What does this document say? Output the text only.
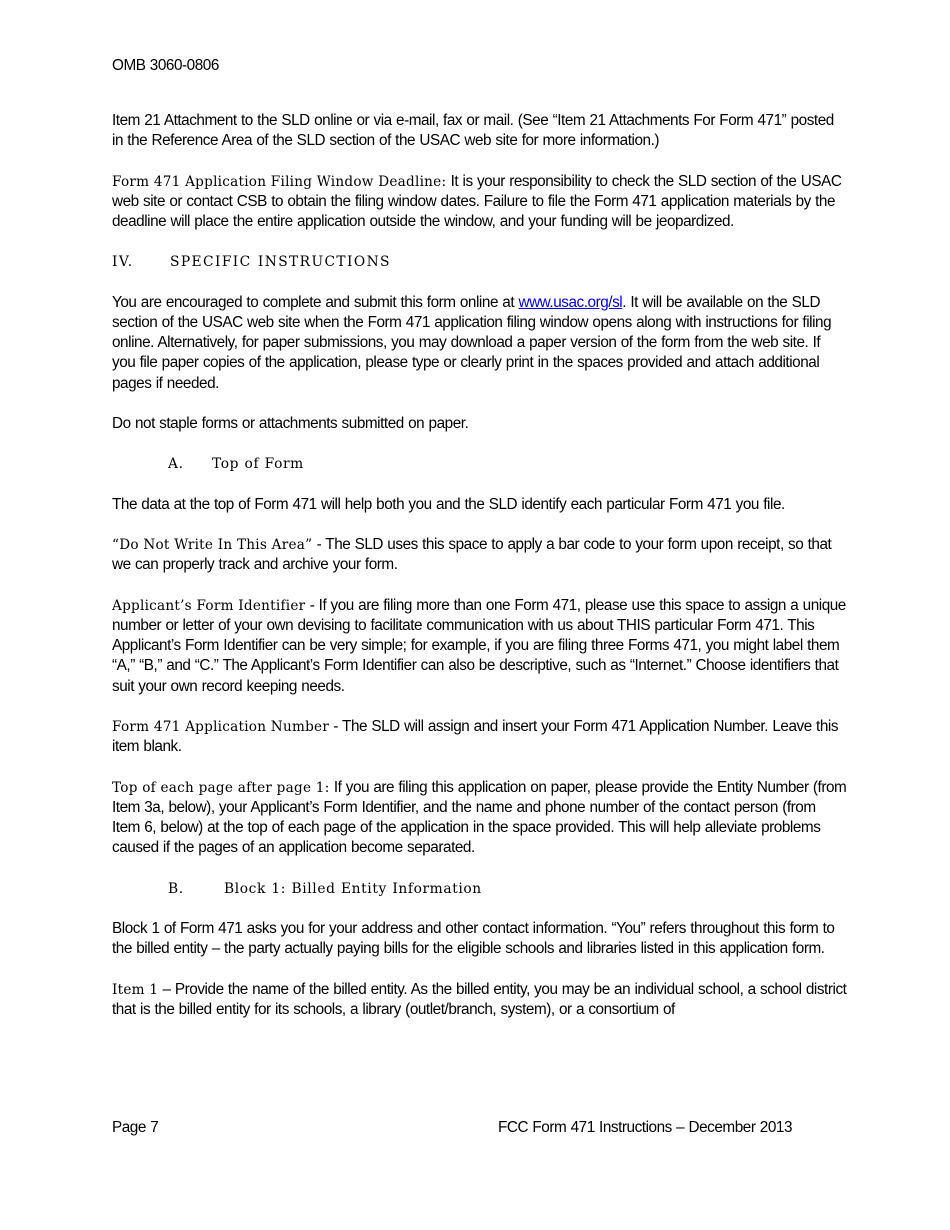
OMB 3060-0806

Item 21 Attachment to the SLD online or via e-mail, fax or mail. (See “Item 21 Attachments For Form 471” posted in the Reference Area of the SLD section of the USAC web site for more information.)

Form 471 Application Filing Window Deadline: It is your responsibility to check the SLD section of the USAC web site or contact CSB to obtain the filing window dates. Failure to file the Form 471 application materials by the deadline will place the entire application outside the window, and your funding will be jeopardized.

IV.	SPECIFIC INSTRUCTIONS

You are encouraged to complete and submit this form online at www.usac.org/sl. It will be available on the SLD section of the USAC web site when the Form 471 application filing window opens along with instructions for filing online. Alternatively, for paper submissions, you may download a paper version of the form from the web site. If you file paper copies of the application, please type or clearly print in the spaces provided and attach additional pages if needed.

Do not staple forms or attachments submitted on paper.

A. Top of Form

The data at the top of Form 471 will help both you and the SLD identify each particular Form 471 you file.

“Do Not Write In This Area” - The SLD uses this space to apply a bar code to your form upon receipt, so that we can properly track and archive your form.

Applicant’s Form Identifier - If you are filing more than one Form 471, please use this space to assign a unique number or letter of your own devising to facilitate communication with us about THIS particular Form 471. This Applicant’s Form Identifier can be very simple; for example, if you are filing three Forms 471, you might label them “A,” “B,” and “C.” The Applicant’s Form Identifier can also be descriptive, such as “Internet.” Choose identifiers that suit your own record keeping needs.

Form 471 Application Number - The SLD will assign and insert your Form 471 Application Number. Leave this item blank.

Top of each page after page 1: If you are filing this application on paper, please provide the Entity Number (from Item 3a, below), your Applicant’s Form Identifier, and the name and phone number of the contact person (from Item 6, below) at the top of each page of the application in the space provided. This will help alleviate problems caused if the pages of an application become separated.

B.	Block 1: Billed Entity Information

Block 1 of Form 471 asks you for your address and other contact information. “You” refers throughout this form to the billed entity – the party actually paying bills for the eligible schools and libraries listed in this application form.

Item 1 – Provide the name of the billed entity. As the billed entity, you may be an individual school, a school district that is the billed entity for its schools, a library (outlet/branch, system), or a consortium of

Page 7	FCC Form 471 Instructions – December 2013
